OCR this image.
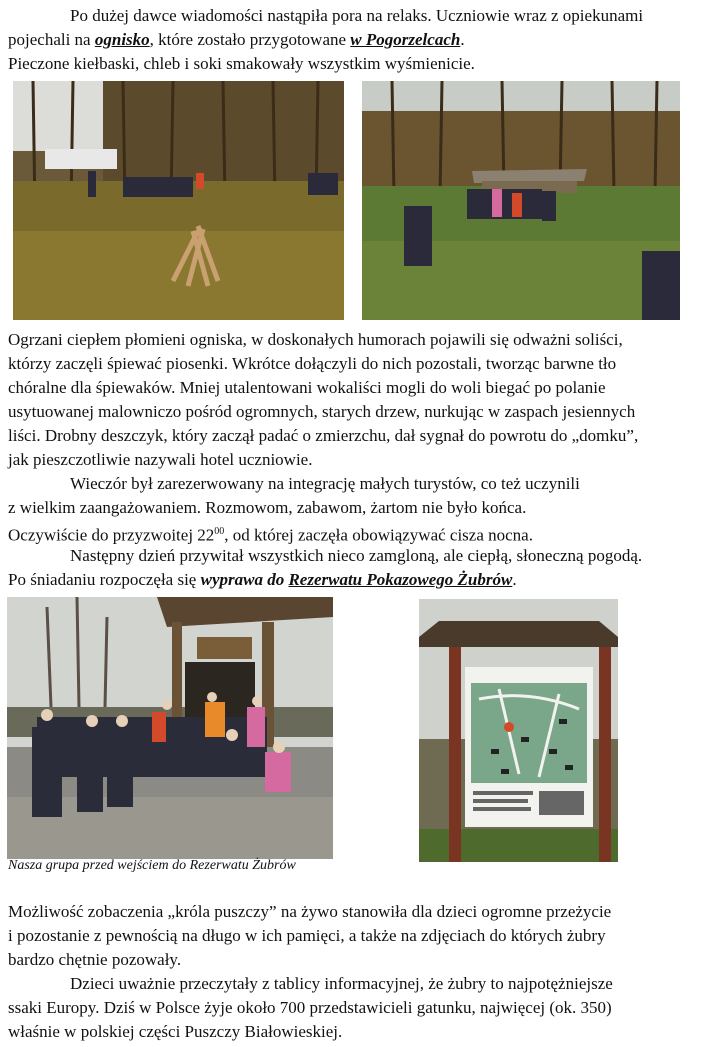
Po dużej dawce wiadomości nastąpiła pora na relaks. Uczniowie wraz z opiekunami
pojechali na ognisko, które zostało przygotowane w Pogorzelcach.
Pieczone kiełbaski, chleb i soki smakowały wszystkim wyśmienicie.
Ogrzani ciepłem płomieni ogniska, w doskonałych humorach pojawili się odważni soliści,
którzy zaczęli śpiewać piosenki. Wkrótce dołączyli do nich pozostali, tworząc barwne tło
chóralne dla śpiewaków. Mniej utalentowani wokaliści mogli do woli biegać po polanie
usytuowanej malowniczo pośród ogromnych, starych drzew, nurkując w zaspach jesiennych
liści. Drobny deszczyk, który zaczął padać o zmierzchu, dał sygnał do powrotu do „domku”,
jak pieszczotliwie nazywali hotel uczniowie.
Wieczór był zarezerwowany na integrację małych turystów, co też uczynili
z wielkim zaangażowaniem. Rozmowom, zabawom, żartom nie było końca.
Oczywiście do przyzwoitej $22^{00}$, od której zaczęła obowiązywać cisza nocna.
Następny dzień przywitał wszystkich nieco zamgloną, ale ciepłą, słoneczną pogodą.
Po śniadaniu rozpoczęła się wyprawa do Rezerwatu Pokazowego Żubrów.
Nasza grupa przed wejściem do Rezerwatu Żubrów
Możliwość zobaczenia „króla puszczy” na żywo stanowiła dla dzieci ogromne przeżycie
i pozostanie z pewnością na długo w ich pamięci, a także na zdjęciach do których żubry
bardzo chętnie pozowały.
Dzieci uważnie przeczytały z tablicy informacyjnej, że żubry to najpotężniejsze
ssaki Europy. Dziś w Polsce żyje około 700 przedstawicieli gatunku, najwięcej (ok. 350)
właśnie w polskiej części Puszczy Białowieskiej.
